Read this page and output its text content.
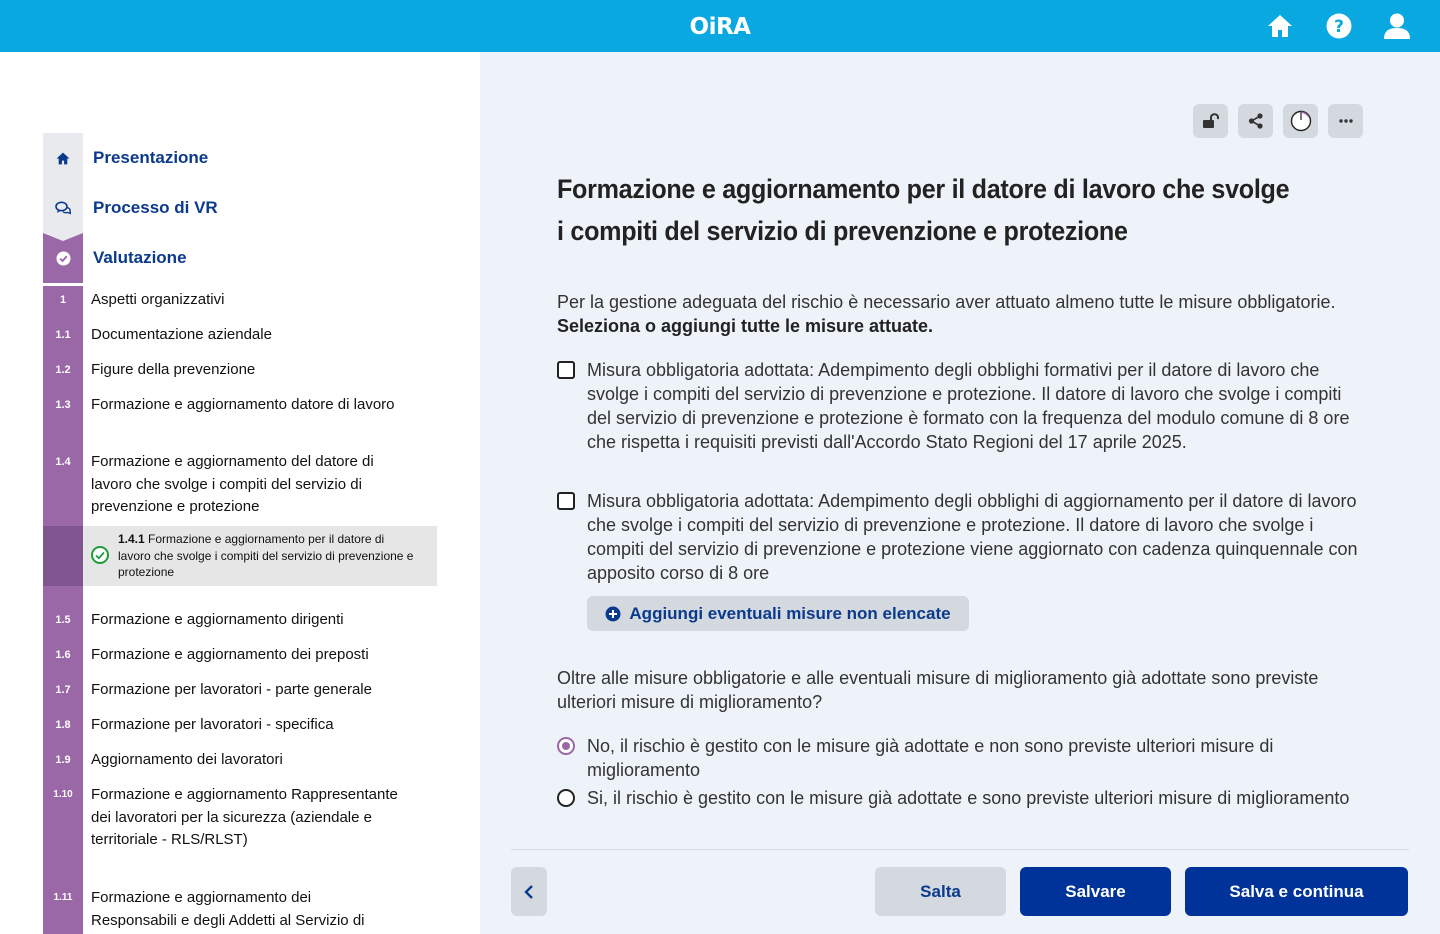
OiRA	?
Presentazione
Processo di VR
Valutazione
1	Aspetti organizzativi
1.1	Documentazione aziendale
1.2	Figure della prevenzione
1.3	Formazione e aggiornamento datore di lavoro
1.4	Formazione e aggiornamento del datore di lavoro che svolge i compiti del servizio di prevenzione e protezione
1.4.1 Formazione e aggiornamento per il datore di lavoro che svolge i compiti del servizio di prevenzione e protezione
1.5	Formazione e aggiornamento dirigenti
1.6	Formazione e aggiornamento dei preposti
1.7	Formazione per lavoratori - parte generale
1.8	Formazione per lavoratori - specifica
1.9	Aggiornamento dei lavoratori
1.10	Formazione e aggiornamento Rappresentante dei lavoratori per la sicurezza (aziendale e territoriale - RLS/RLST)
1.11	Formazione e aggiornamento dei Responsabili e degli Addetti al Servizio di
Formazione e aggiornamento per il datore di lavoro che svolge i compiti del servizio di prevenzione e protezione

Per la gestione adeguata del rischio è necessario aver attuato almeno tutte le misure obbligatorie. Seleziona o aggiungi tutte le misure attuate.

Misura obbligatoria adottata: Adempimento degli obblighi formativi per il datore di lavoro che svolge i compiti del servizio di prevenzione e protezione. Il datore di lavoro che svolge i compiti del servizio di prevenzione e protezione è formato con la frequenza del modulo comune di 8 ore che rispetta i requisiti previsti dall'Accordo Stato Regioni del 17 aprile 2025.
Misura obbligatoria adottata: Adempimento degli obblighi di aggiornamento per il datore di lavoro che svolge i compiti del servizio di prevenzione e protezione. Il datore di lavoro che svolge i compiti del servizio di prevenzione e protezione viene aggiornato con cadenza quinquennale con apposito corso di 8 ore
Aggiungi eventuali misure non elencate

Oltre alle misure obbligatorie e alle eventuali misure di miglioramento già adottate sono previste ulteriori misure di miglioramento?

No, il rischio è gestito con le misure già adottate e non sono previste ulteriori misure di miglioramento
Si, il rischio è gestito con le misure già adottate e sono previste ulteriori misure di miglioramento
Salta	Salvare	Salva e continua
